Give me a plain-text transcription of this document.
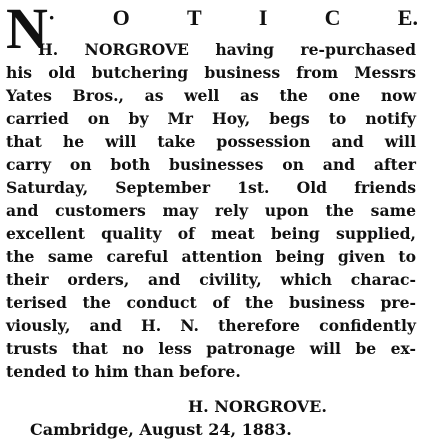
N ·	O	T	I	C	E.
H. NORGROVE having re-purchased
his old butchering business from Messrs
Yates Bros., as well as the one now
carried on by Mr Hoy, begs to notify
that he will take possession and will
carry on both businesses on and after
Saturday, September 1st. Old friends
and customers may rely upon the same
excellent quality of meat being supplied,
the same careful attention being given to
their orders, and civility, which charac-
terised the conduct of the business pre-
viously, and H. N. therefore confidently
trusts that no less patronage will be ex-
tended to him than before.
H. NORGROVE.
Cambridge, August 24, 1883.
